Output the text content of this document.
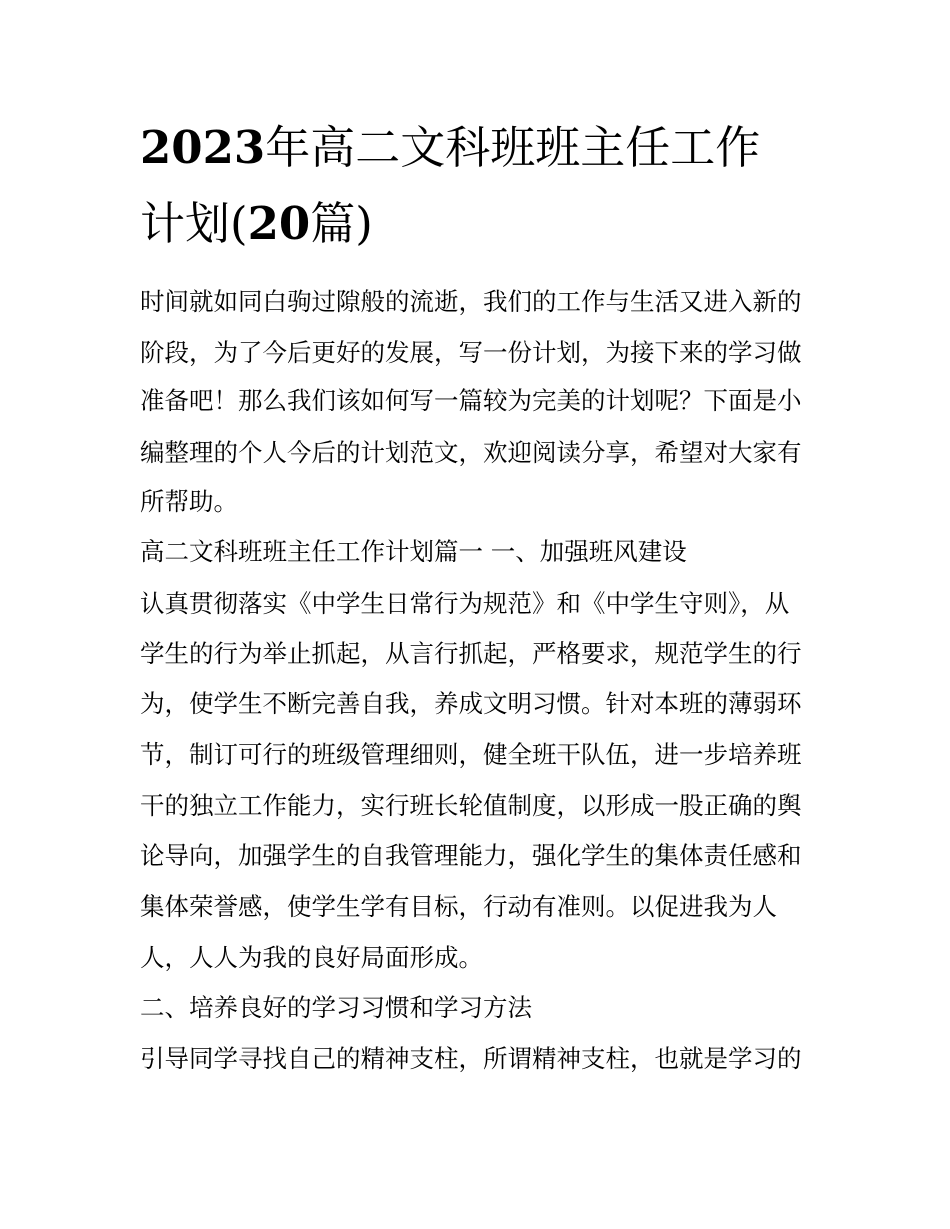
2023年高二文科班班主任工作
计划(20篇)

时间就如同白驹过隙般的流逝，我们的工作与生活又进入新的

阶段，为了今后更好的发展，写一份计划，为接下来的学习做

准备吧！那么我们该如何写一篇较为完美的计划呢？下面是小

编整理的个人今后的计划范文，欢迎阅读分享，希望对大家有

所帮助。

高二文科班班主任工作计划篇一 一、加强班风建设

认真贯彻落实《中学生日常行为规范》和《中学生守则》，从

学生的行为举止抓起，从言行抓起，严格要求，规范学生的行

为，使学生不断完善自我，养成文明习惯。针对本班的薄弱环

节，制订可行的班级管理细则，健全班干队伍，进一步培养班

干的独立工作能力，实行班长轮值制度，以形成一股正确的舆

论导向，加强学生的自我管理能力，强化学生的集体责任感和

集体荣誉感，使学生学有目标，行动有准则。以促进我为人

人，人人为我的良好局面形成。

二、培养良好的学习习惯和学习方法

引导同学寻找自己的精神支柱，所谓精神支柱，也就是学习的
